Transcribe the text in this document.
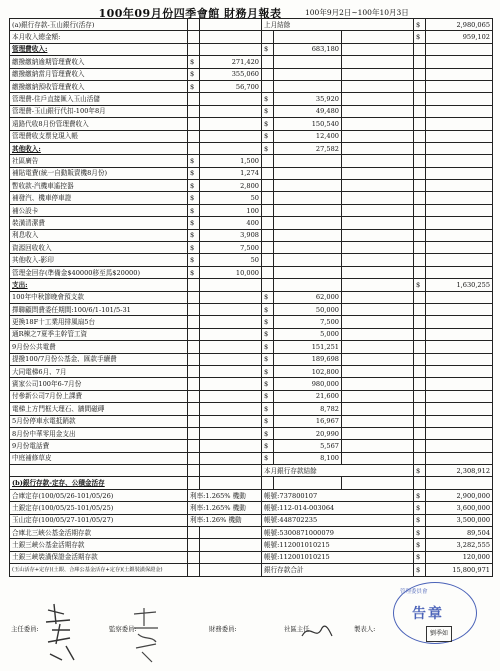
100年09月份四季會館 財務月報表	100年9月2日~100年10月3日
(a)銀行存款-玉山銀行(活存)			上月結餘			$	2,980,065
本月收入總金額:						$	959,102
管理費收入:			$	683,180			
繳撥繳納逾期管理費收入	$	271,420					
繳撥繳納當月管理費收入	$	355,060					
繳撥繳納預收管理費收入	$	56,700					
管理費-住戶直接匯入玉山活儲			$	35,920			
管理費-玉山銀行代扣-100年8月			$	49,480			
遠路代收8月份管理費收入			$	150,540			
管理費收支票兌現入帳			$	12,400			
其他收入:			$	27,582			
社區廣告	$	1,500					
補貼電費(統一自動販賣機8月份)	$	1,274					
暫收款-汽機車遙控器	$	2,800					
補發汽、機車停車證	$	50					
補公設卡	$	100					
裝潢清潔費	$	400					
利息收入	$	3,908					
資源回收收入	$	7,500					
其他收入-影印	$	50					
管理金回存(準備金$40000移至馬$20000)	$	10,000					
支出:						$	1,630,255
100年中秋節晚會預支款			$	62,000			
擇聯顧問費委任期間:100/6/1-101/5-31			$	50,000			
更換18F十工業用排風扇5台			$	7,500			
通R棟之7夏季主幹管工資			$	5,000			
9月份公共電費			$	151,251			
提撥100/7月份公基金、匯款手續費			$	189,698			
大同電梯6月、7月			$	102,800			
賓家公司100年6-7月份			$	980,000			
付參新公司7月份上課費			$	21,600			
電梯上方門框大理石、牆間磁磚			$	8,782			
5月份停車水電抵銷款			$	16,967			
8月份中華零用金支出			$	20,990			
9月份電話費			$	5,567			
中庭補修草皮			$	8,100			
			本月銀行存款結餘			$	2,308,912
(b)銀行存款-定存、公積金活存							
合庫定存(100/05/26-101/05/26)	利率:1.265% 機動		帳號:737800107			$	2,900,000
土銀定存(100/05/25-101/05/25)	利率:1.265% 機動		帳號:112-014-003064			$	3,600,000
玉山定存(100/05/27-101/05/27)	利率:1.26% 機動		帳號:448702235			$	3,500,000
合庫北三峽公基金活期存款			帳號:5300871000079			$	89,504
土銀三峽公基金活期存款			帳號:112001010215			$	3,282,555
土銀三峽裝潢保證金活期存款			帳號:112001010215			$	120,000
(玉山活存+定存)(土銀、合庫公基金活存+定存)(土銀裝潢保證金)			銀行存款合計			$	15,800,971
主任委員:	監察委員:	財務委員:	社區主任	製表人:
管理委員會
告章
劉季如
